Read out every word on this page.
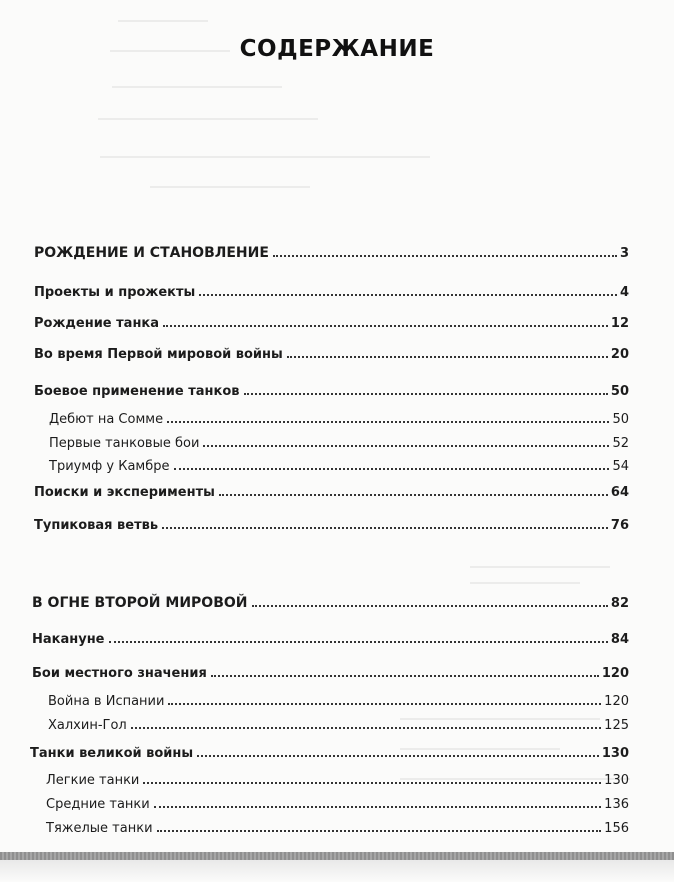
СОДЕРЖАНИЕ
РОЖДЕНИЕ И СТАНОВЛЕНИЕ	3
Проекты и прожекты	4
Рождение танка	12
Во время Первой мировой войны	20
Боевое применение танков	50
Дебют на Сомме	50
Первые танковые бои	52
Триумф у Камбре	54
Поиски и эксперименты	64
Тупиковая ветвь	76
В ОГНЕ ВТОРОЙ МИРОВОЙ	82
Накануне	84
Бои местного значения	120
Война в Испании	120
Халхин-Гол	125
Танки великой войны	130
Легкие танки	130
Средние танки	136
Тяжелые танки	156
